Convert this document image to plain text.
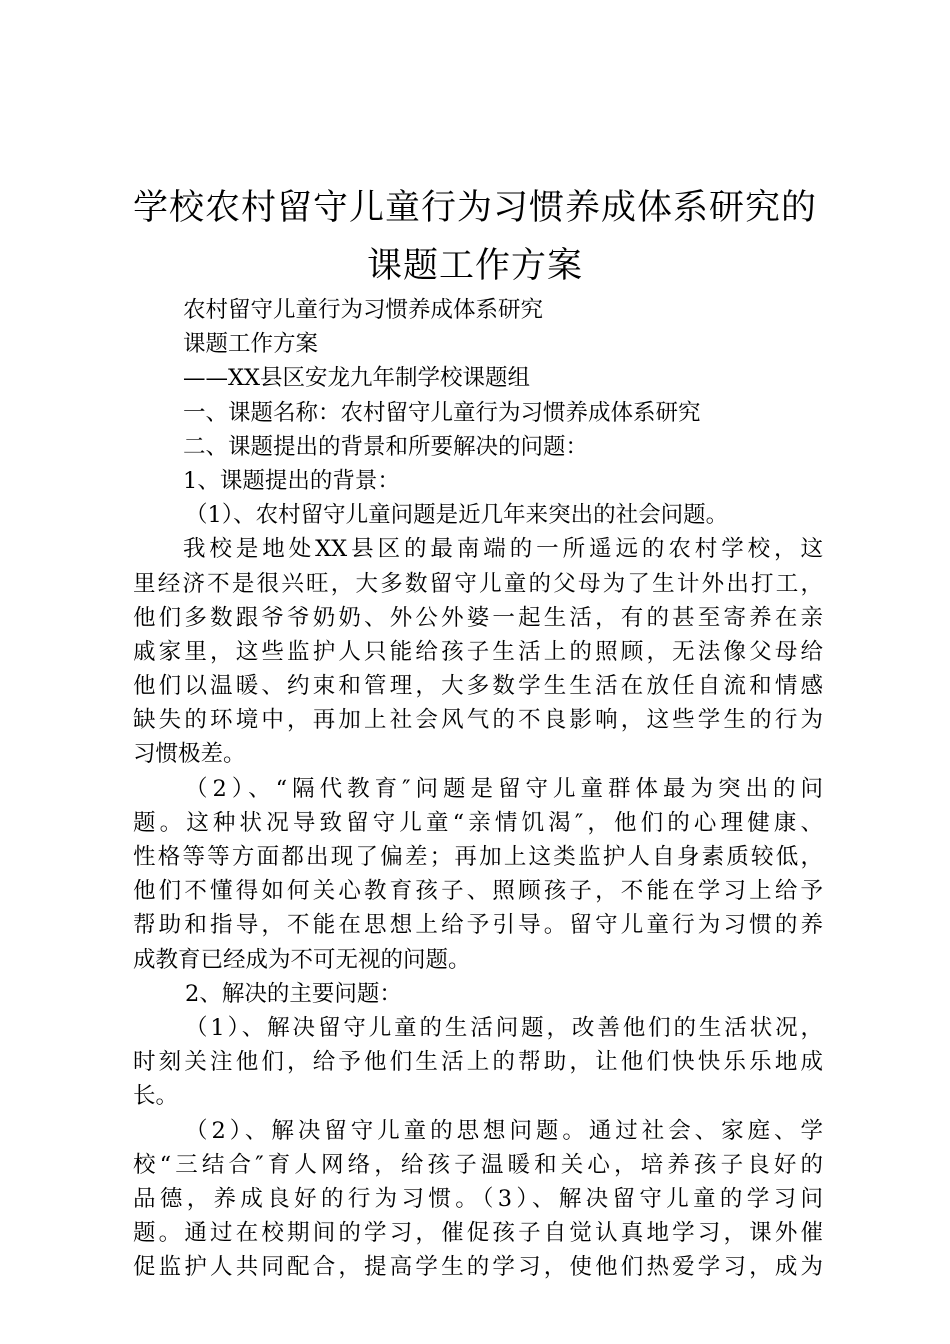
学校农村留守儿童行为习惯养成体系研究的
课题工作方案
农村留守儿童行为习惯养成体系研究
课题工作方案
——XX县区安龙九年制学校课题组
一、课题名称：农村留守儿童行为习惯养成体系研究
二、课题提出的背景和所要解决的问题：
1、课题提出的背景：
（1）、农村留守儿童问题是近几年来突出的社会问题。
我校是地处XX县区的最南端的一所遥远的农村学校，这
里经济不是很兴旺，大多数留守儿童的父母为了生计外出打工，
他们多数跟爷爷奶奶、外公外婆一起生活，有的甚至寄养在亲
戚家里，这些监护人只能给孩子生活上的照顾，无法像父母给
他们以温暖、约束和管理，大多数学生生活在放任自流和情感
缺失的环境中，再加上社会风气的不良影响，这些学生的行为
习惯极差。
（2）、“隔代教育″问题是留守儿童群体最为突出的问
题。这种状况导致留守儿童“亲情饥渴″，他们的心理健康、
性格等等方面都出现了偏差；再加上这类监护人自身素质较低，
他们不懂得如何关心教育孩子、照顾孩子，不能在学习上给予
帮助和指导，不能在思想上给予引导。留守儿童行为习惯的养
成教育已经成为不可无视的问题。
2、解决的主要问题：
（1）、解决留守儿童的生活问题，改善他们的生活状况，
时刻关注他们，给予他们生活上的帮助，让他们快快乐乐地成
长。
（2）、解决留守儿童的思想问题。通过社会、家庭、学
校“三结合″育人网络，给孩子温暖和关心，培养孩子良好的
品德，养成良好的行为习惯。（3）、解决留守儿童的学习问
题。通过在校期间的学习，催促孩子自觉认真地学习，课外催
促监护人共同配合，提高学生的学习，使他们热爱学习，成为
